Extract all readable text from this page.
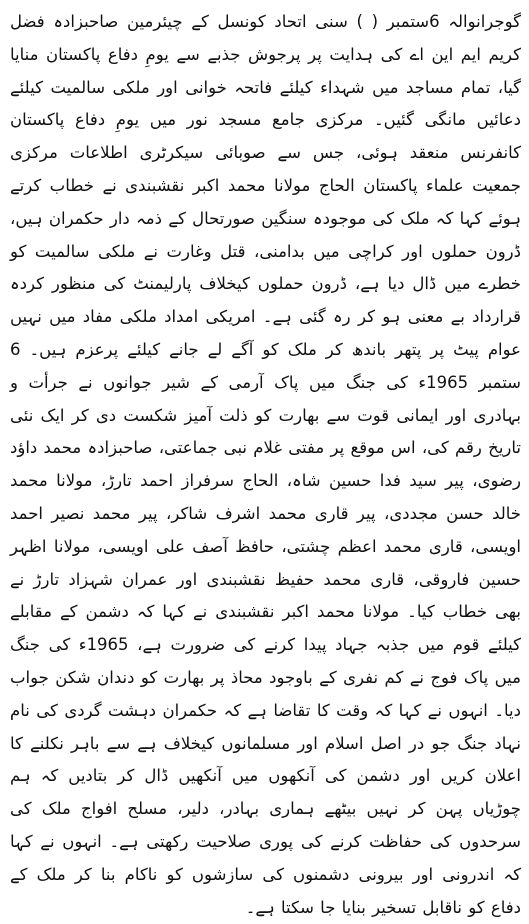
گوجرانوالہ 6ستمبر ( ) سنی اتحاد کونسل کے چیئرمین صاحبزادہ فضل کریم ایم این اے کی ہدایت پر پرجوش جذبے سے یومِ دفاع پاکستان منایا گیا، تمام مساجد میں شہداء کیلئے فاتحہ خوانی اور ملکی سالمیت کیلئے دعائیں مانگی گئیں۔ مرکزی جامع مسجد نور میں یومِ دفاع پاکستان کانفرنس منعقد ہوئی، جس سے صوبائی سیکرٹری اطلاعات مرکزی جمعیت علماء پاکستان الحاج مولانا محمد اکبر نقشبندی نے خطاب کرتے ہوئے کہا کہ ملک کی موجودہ سنگین صورتحال کے ذمہ دار حکمران ہیں، ڈرون حملوں اور کراچی میں بدامنی، قتل وغارت نے ملکی سالمیت کو خطرے میں ڈال دیا ہے، ڈرون حملوں کیخلاف پارلیمنٹ کی منظور کردہ قرارداد بے معنی ہو کر رہ گئی ہے۔ امریکی امداد ملکی مفاد میں نہیں عوام پیٹ پر پتھر باندھ کر ملک کو آگے لے جانے کیلئے پرعزم ہیں۔ 6 ستمبر 1965ء کی جنگ میں پاک آرمی کے شیر جوانوں نے جرأت و بہادری اور ایمانی قوت سے بھارت کو ذلت آمیز شکست دی کر ایک نئی تاریخ رقم کی، اس موقع پر مفتی غلام نبی جماعتی، صاحبزادہ محمد داؤد رضوی، پیر سید فدا حسین شاہ، الحاج سرفراز احمد تارڑ، مولانا محمد خالد حسن مجددی، پیر قاری محمد اشرف شاکر، پیر محمد نصیر احمد اویسی، قاری محمد اعظم چشتی، حافظ آصف علی اویسی، مولانا اظہر حسین فاروقی، قاری محمد حفیظ نقشبندی اور عمران شہزاد تارڑ نے بھی خطاب کیا۔ مولانا محمد اکبر نقشبندی نے کہا کہ دشمن کے مقابلے کیلئے قوم میں جذبہ جہاد پیدا کرنے کی ضرورت ہے، 1965ء کی جنگ میں پاک فوج نے کم نفری کے باوجود محاذ پر بھارت کو دندان شکن جواب دیا۔ انہوں نے کہا کہ وقت کا تقاضا ہے کہ حکمران دہشت گردی کی نام نہاد جنگ جو در اصل اسلام اور مسلمانوں کیخلاف ہے سے باہر نکلنے کا اعلان کریں اور دشمن کی آنکھوں میں آنکھیں ڈال کر بتادیں کہ ہم چوڑیاں پہن کر نہیں بیٹھے ہماری بہادر، دلیر، مسلح افواج ملک کی سرحدوں کی حفاظت کرنے کی پوری صلاحیت رکھتی ہے۔ انہوں نے کہا کہ اندرونی اور بیرونی دشمنوں کی سازشوں کو ناکام بنا کر ملک کے دفاع کو ناقابل تسخیر بنایا جا سکتا ہے۔
